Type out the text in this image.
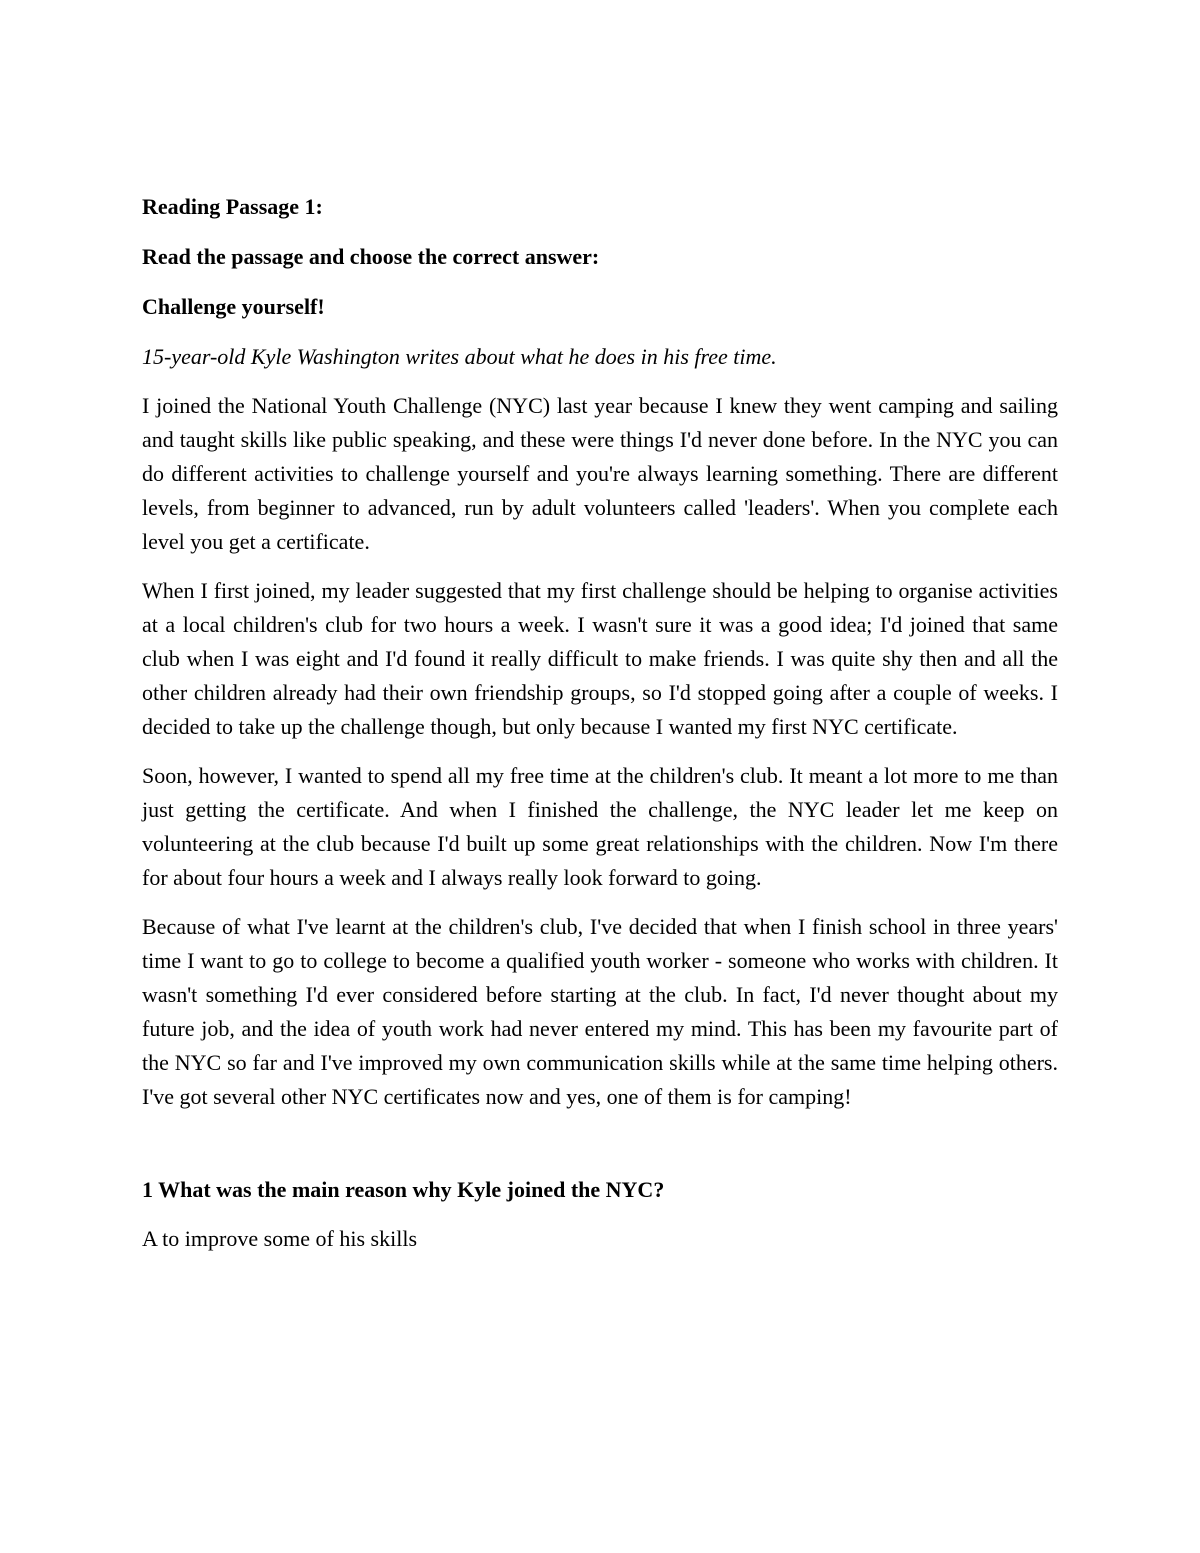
Reading Passage 1:
Read the passage and choose the correct answer:
Challenge yourself!
15-year-old Kyle Washington writes about what he does in his free time.

I joined the National Youth Challenge (NYC) last year because I knew they went camping and sailing and taught skills like public speaking, and these were things I'd never done before. In the NYC you can do different activities to challenge yourself and you're always learning something. There are different levels, from beginner to advanced, run by adult volunteers called 'leaders'. When you complete each level you get a certificate.

When I first joined, my leader suggested that my first challenge should be helping to organise activities at a local children's club for two hours a week. I wasn't sure it was a good idea; I'd joined that same club when I was eight and I'd found it really difficult to make friends. I was quite shy then and all the other children already had their own friendship groups, so I'd stopped going after a couple of weeks. I decided to take up the challenge though, but only because I wanted my first NYC certificate.

Soon, however, I wanted to spend all my free time at the children's club. It meant a lot more to me than just getting the certificate. And when I finished the challenge, the NYC leader let me keep on volunteering at the club because I'd built up some great relationships with the children. Now I'm there for about four hours a week and I always really look forward to going.

Because of what I've learnt at the children's club, I've decided that when I finish school in three years' time I want to go to college to become a qualified youth worker - someone who works with children. It wasn't something I'd ever considered before starting at the club. In fact, I'd never thought about my future job, and the idea of youth work had never entered my mind. This has been my favourite part of the NYC so far and I've improved my own communication skills while at the same time helping others. I've got several other NYC certificates now and yes, one of them is for camping!

1 What was the main reason why Kyle joined the NYC?
A to improve some of his skills
